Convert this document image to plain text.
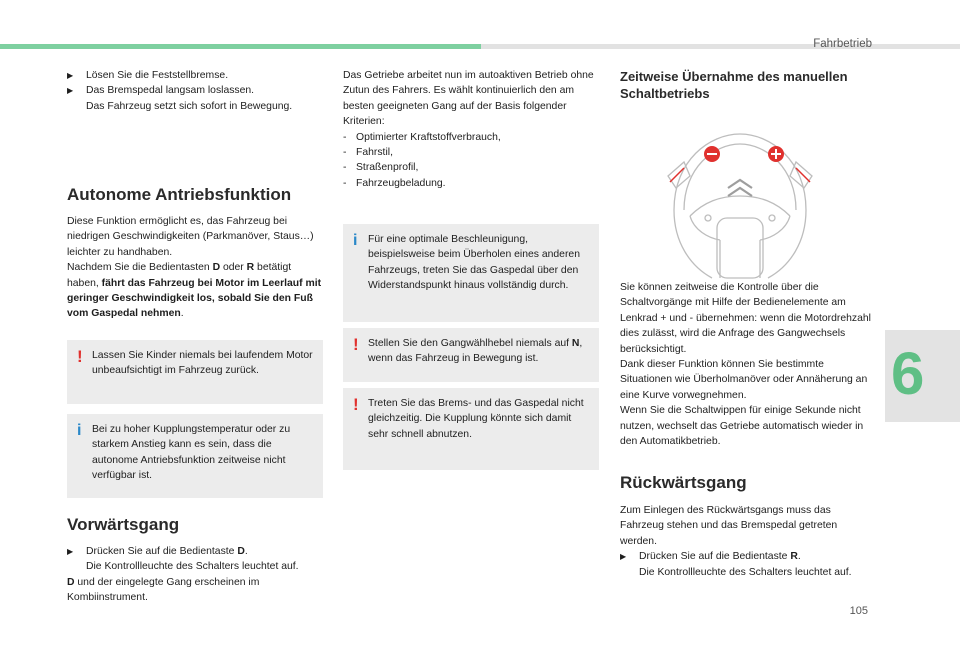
Fahrbetrieb
6
105

▶ Lösen Sie die Feststellbremse.

▶ Das Bremspedal langsam loslassen.
Das Fahrzeug setzt sich sofort in Bewegung.

Autonome Antriebsfunktion

Diese Funktion ermöglicht es, das Fahrzeug bei niedrigen Geschwindigkeiten (Parkmanöver, Staus…) leichter zu handhaben.

Nachdem Sie die Bedientasten D oder R betätigt haben, fährt das Fahrzeug bei Motor im Leerlauf mit geringer Geschwindigkeit los, sobald Sie den Fuß vom Gaspedal nehmen.

! Lassen Sie Kinder niemals bei laufendem Motor unbeaufsichtigt im Fahrzeug zurück.
i Bei zu hoher Kupplungstemperatur oder zu starkem Anstieg kann es sein, dass die autonome Antriebsfunktion zeitweise nicht verfügbar ist.

Vorwärtsgang

▶ Drücken Sie auf die Bedientaste D.
Die Kontrollleuchte des Schalters leuchtet auf.

D und der eingelegte Gang erscheinen im Kombiinstrument.

Das Getriebe arbeitet nun im autoaktiven Betrieb ohne Zutun des Fahrers. Es wählt kontinuierlich den am besten geeigneten Gang auf der Basis folgender Kriterien:

- Optimierter Kraftstoffverbrauch,

- Fahrstil,

- Straßenprofil,

- Fahrzeugbeladung.

i Für eine optimale Beschleunigung, beispielsweise beim Überholen eines anderen Fahrzeugs, treten Sie das Gaspedal über den Widerstandspunkt hinaus vollständig durch.
! Stellen Sie den Gangwählhebel niemals auf N, wenn das Fahrzeug in Bewegung ist.
! Treten Sie das Brems- und das Gaspedal nicht gleichzeitig. Die Kupplung könnte sich damit sehr schnell abnutzen.

Zeitweise Übernahme des manuellen Schaltbetriebs

Sie können zeitweise die Kontrolle über die Schaltvorgänge mit Hilfe der Bedienelemente am Lenkrad + und - übernehmen: wenn die Motordrehzahl dies zulässt, wird die Anfrage des Gangwechsels berücksichtigt.

Dank dieser Funktion können Sie bestimmte Situationen wie Überholmanöver oder Annäherung an eine Kurve vorwegnehmen.

Wenn Sie die Schaltwippen für einige Sekunde nicht nutzen, wechselt das Getriebe automatisch wieder in den Automatikbetrieb.

Rückwärtsgang

Zum Einlegen des Rückwärtsgangs muss das Fahrzeug stehen und das Bremspedal getreten werden.

▶ Drücken Sie auf die Bedientaste R.
Die Kontrollleuchte des Schalters leuchtet auf.
